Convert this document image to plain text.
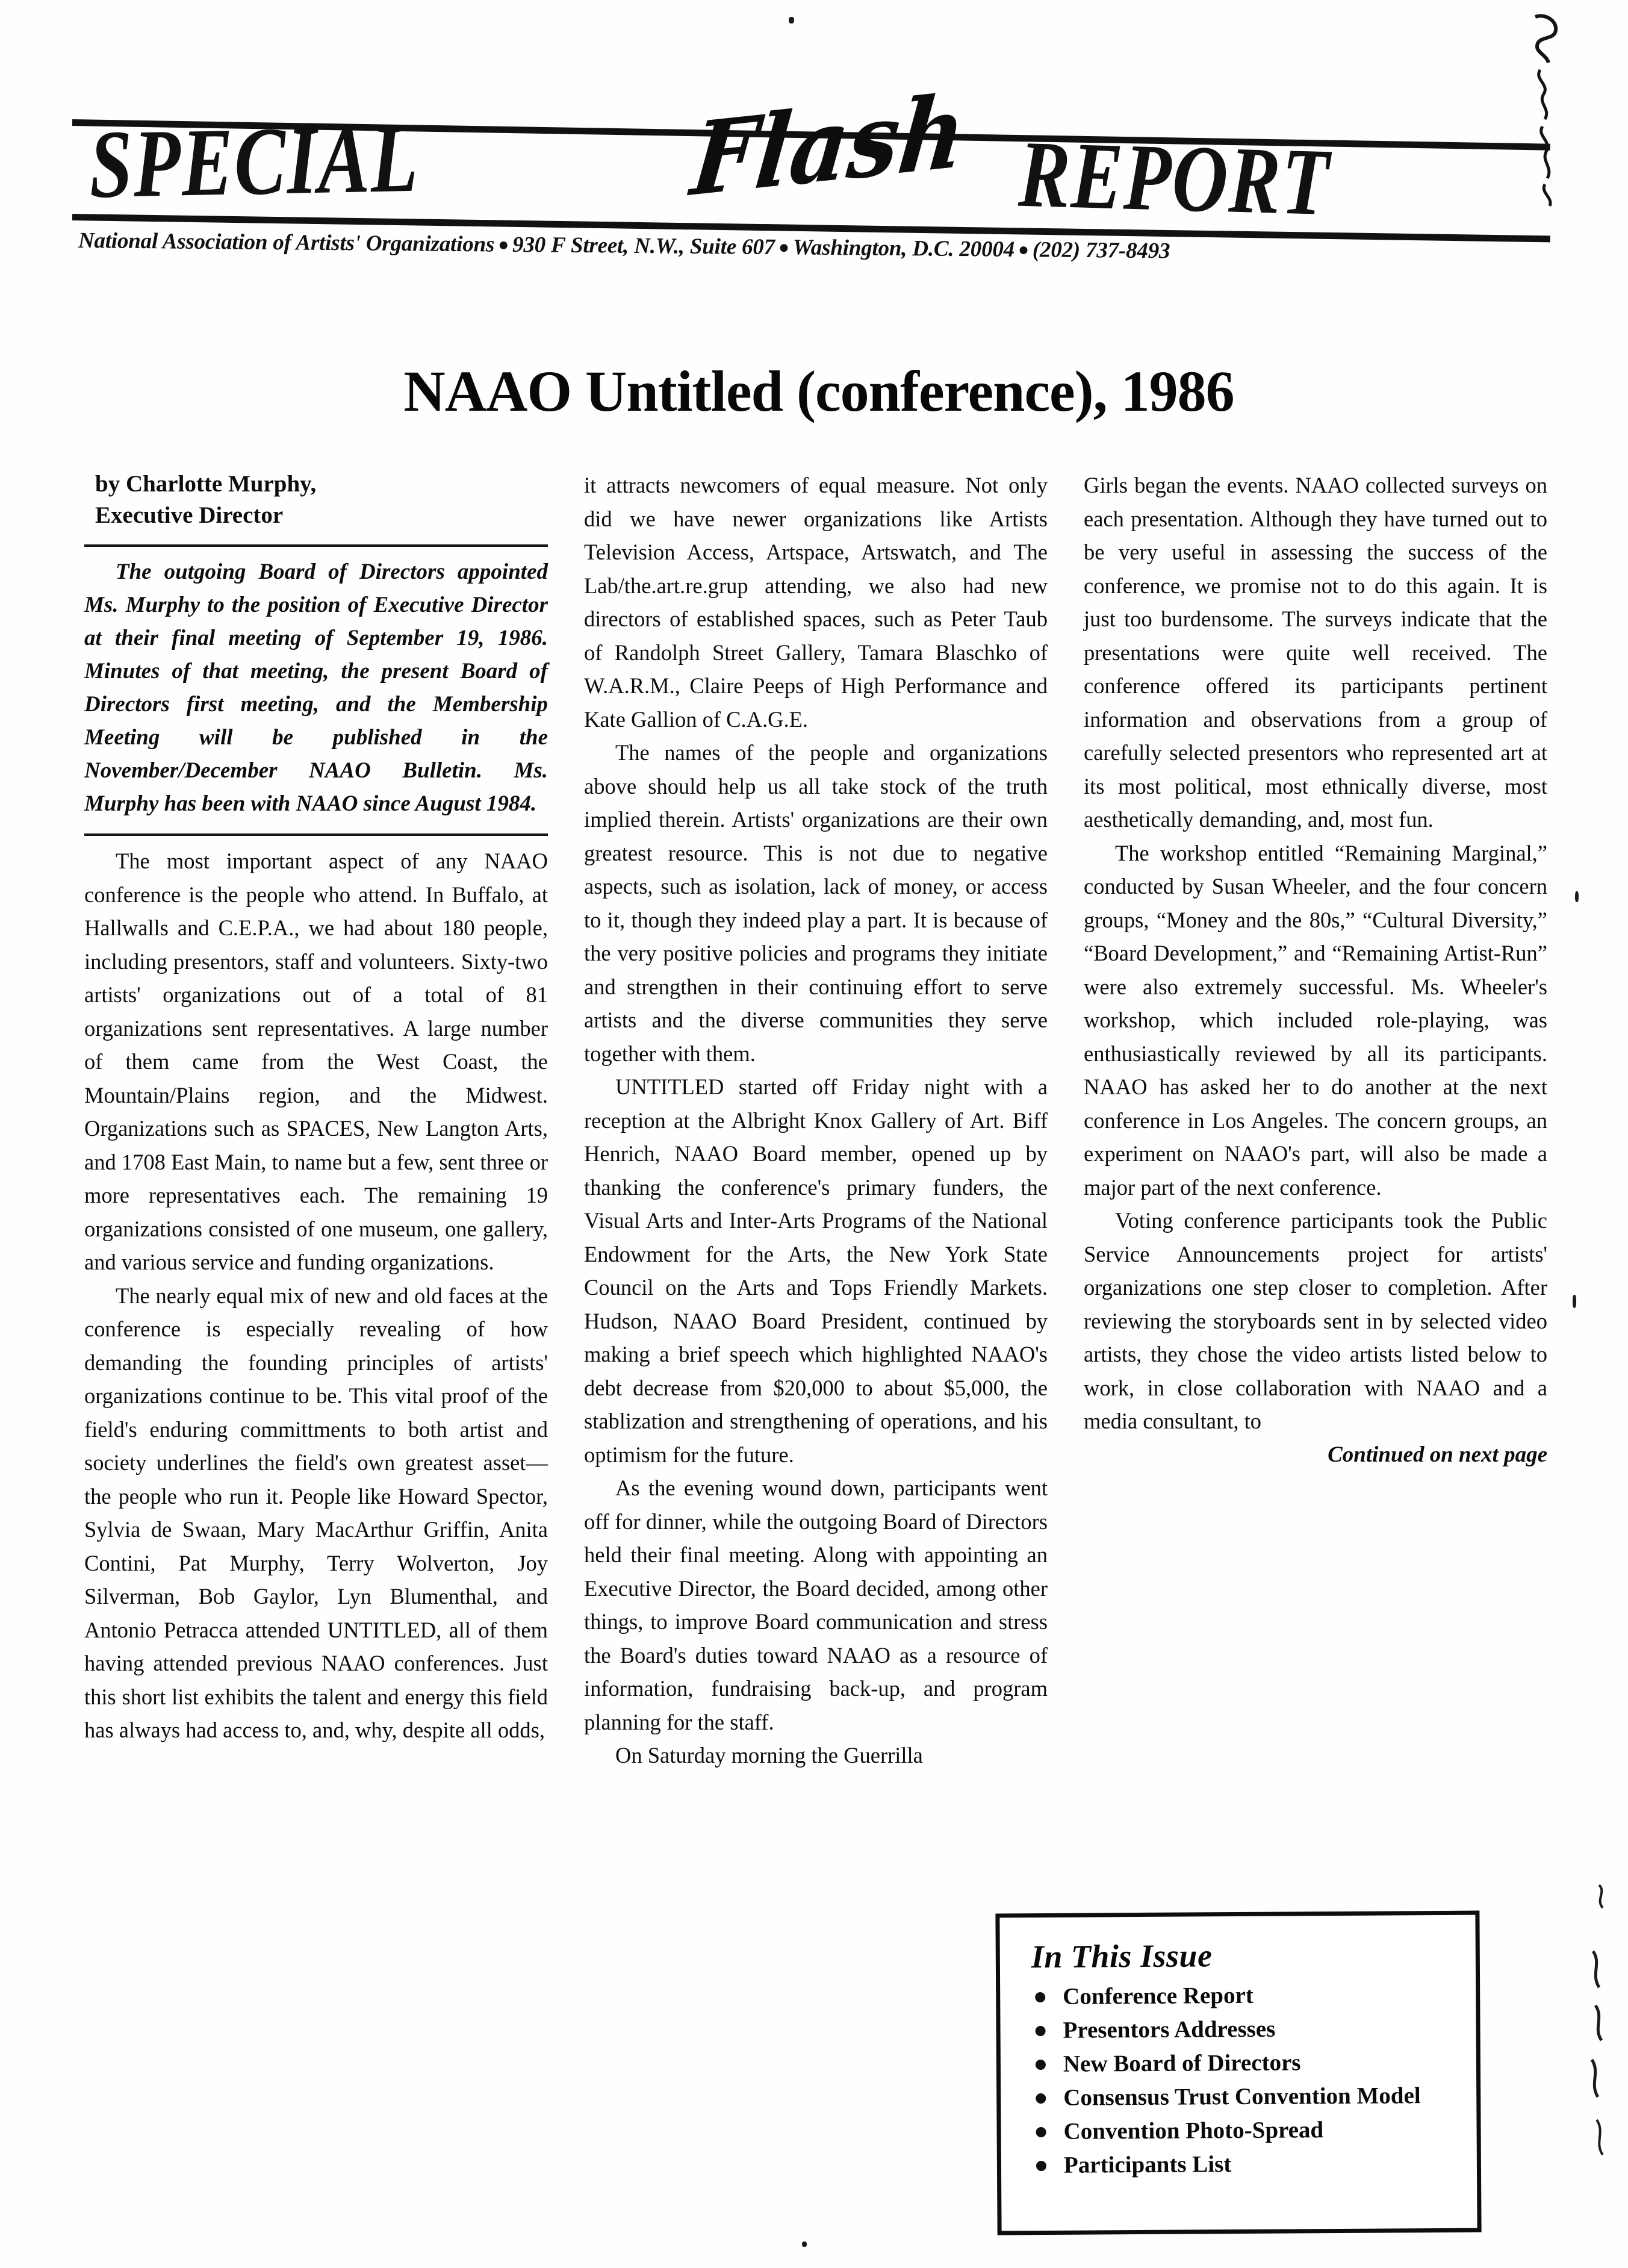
SPECIAL	Flash REPORT
National Association of Artists' Organizations ● 930 F Street, N.W., Suite 607 ● Washington, D.C. 20004 ● (202) 737-8493
NAAO Untitled (conference), 1986
by Charlotte Murphy,
Executive Director

The outgoing Board of Directors appointed Ms. Murphy to the position of Executive Director at their final meeting of September 19, 1986. Minutes of that meeting, the present Board of Directors first meeting, and the Membership Meeting will be published in the November/December NAAO Bulletin. Ms. Murphy has been with NAAO since August 1984.

The most important aspect of any NAAO conference is the people who attend. In Buffalo, at Hallwalls and C.E.P.A., we had about 180 people, including presentors, staff and volunteers. Sixty-two artists' organizations out of a total of 81 organizations sent representatives. A large number of them came from the West Coast, the Mountain/Plains region, and the Midwest. Organizations such as SPACES, New Langton Arts, and 1708 East Main, to name but a few, sent three or more representatives each. The remaining 19 organizations consisted of one museum, one gallery, and various service and funding organizations.

The nearly equal mix of new and old faces at the conference is especially revealing of how demanding the founding principles of artists' organizations continue to be. This vital proof of the field's enduring committments to both artist and society underlines the field's own greatest asset—the people who run it. People like Howard Spector, Sylvia de Swaan, Mary MacArthur Griffin, Anita Contini, Pat Murphy, Terry Wolverton, Joy Silverman, Bob Gaylor, Lyn Blumenthal, and Antonio Petracca attended UNTITLED, all of them having attended previous NAAO conferences. Just this short list exhibits the talent and energy this field has always had access to, and, why, despite all odds,

it attracts newcomers of equal measure. Not only did we have newer organizations like Artists Television Access, Artspace, Artswatch, and The Lab/the.art.re.grup attending, we also had new directors of established spaces, such as Peter Taub of Randolph Street Gallery, Tamara Blaschko of W.A.R.M., Claire Peeps of High Performance and Kate Gallion of C.A.G.E.

The names of the people and organizations above should help us all take stock of the truth implied therein. Artists' organizations are their own greatest resource. This is not due to negative aspects, such as isolation, lack of money, or access to it, though they indeed play a part. It is because of the very positive policies and programs they initiate and strengthen in their continuing effort to serve artists and the diverse communities they serve together with them.

UNTITLED started off Friday night with a reception at the Albright Knox Gallery of Art. Biff Henrich, NAAO Board member, opened up by thanking the conference's primary funders, the Visual Arts and Inter-Arts Programs of the National Endowment for the Arts, the New York State Council on the Arts and Tops Friendly Markets. Hudson, NAAO Board President, continued by making a brief speech which highlighted NAAO's debt decrease from $20,000 to about $5,000, the stablization and strengthening of operations, and his optimism for the future.

As the evening wound down, participants went off for dinner, while the outgoing Board of Directors held their final meeting. Along with appointing an Executive Director, the Board decided, among other things, to improve Board communication and stress the Board's duties toward NAAO as a resource of information, fundraising back-up, and program planning for the staff.

On Saturday morning the Guerrilla

Girls began the events. NAAO collected surveys on each presentation. Although they have turned out to be very useful in assessing the success of the conference, we promise not to do this again. It is just too burdensome. The surveys indicate that the presentations were quite well received. The conference offered its participants pertinent information and observations from a group of carefully selected presentors who represented art at its most political, most ethnically diverse, most aesthetically demanding, and, most fun.

The workshop entitled “Remaining Marginal,” conducted by Susan Wheeler, and the four concern groups, “Money and the 80s,” “Cultural Diversity,” “Board Development,” and “Remaining Artist-Run” were also extremely successful. Ms. Wheeler's workshop, which included role-playing, was enthusiastically reviewed by all its participants. NAAO has asked her to do another at the next conference in Los Angeles. The concern groups, an experiment on NAAO's part, will also be made a major part of the next conference.

Voting conference participants took the Public Service Announcements project for artists' organizations one step closer to completion. After reviewing the storyboards sent in by selected video artists, they chose the video artists listed below to work, in close collaboration with NAAO and a media consultant, to

Continued on next page

In This Issue
Conference Report
Presentors Addresses
New Board of Directors
Consensus Trust Convention Model
Convention Photo-Spread
Participants List
